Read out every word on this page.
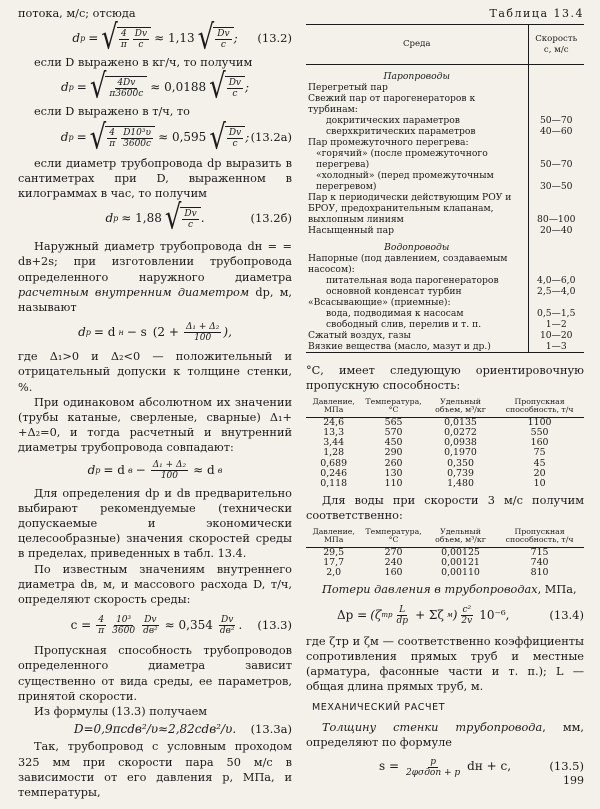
потока, м/с; отсюда
d р = √ $\frac{4}{\pi} \frac{Dv}{c} \approx 1,13$ √ $\frac{Dv}{c}$ ; (13.2)
если D выражено в кг/ч, то получим
d р = √ $\frac{4Dv}{\pi 3600c} \approx 0,0188$ √ $\frac{Dv}{c}$ ;
если D выражено в т/ч, то
d р = √ $\frac{4}{\pi} \frac{\text{D10³υ}}{3600c} \approx 0,595$ √ $\frac{Dv}{c}$ ; (13.2а)
если диаметр трубопровода dр выразить в сантиметрах при D, выраженном в килограммах в час, то получим
d р ≈ 1,88 √ $\frac{Dv}{c}$ .	(13.2б)
Наружный диаметр трубопровода dн = = dв+2s; при изготовлении трубопровода определенного наружного диаметра расчетным внутренним диаметром dр, м, называют
d р = d н − s ($2 + \frac{\text{Δ₁ + Δ₂}}{100}$ ),
где Δ₁>0 и Δ₂<0 — положительный и отрицательный допуски к толщине стенки, %.
При одинаковом абсолютном их значении (трубы катаные, сверленые, сварные) Δ₁+ +Δ₂=0, и тогда расчетный и внутренний диаметры трубопровода совпадают:
d р = d $в - \frac{\text{Δ₁ + Δ₂}}{100} \approx d$ в
Для определения dр и dв предварительно выбирают рекомендуемые (технически допускаемые и экономически целесообразные) значения скоростей среды в пределах, приведенных в табл. 13.4.
По известным значениям внутреннего диаметра dв, м, и массового расхода D, т/ч, определяют скорость среды:
$c = \frac{4}{\pi} \frac{\text{10³}}{3600} \frac{Dv}{\text{dв²}} \approx 0,354 \frac{Dv}{\text{dв²}}$ . (13.3)
Пропускная способность трубопроводов определенного диаметра зависит существенно от вида среды, ее параметров, принятой скорости.
Из формулы (13.3) получаем
D=0,9πcdв²/υ≈2,82cdв²/υ. (13.3а)
Так, трубопровод с условным проходом 325 мм при скорости пара 50 м/с в зависимости от его давления p, МПа, и температуры,
Таблица 13.4
Среда	Скорость c, м/с
Паропроводы	
Перегретый пар	
Свежий пар от парогенераторов к турбинам:	
докритических параметров	50—70
сверхкритических параметров	40—60
Пар промежуточного перегрева:	
«горячий» (после промежуточного перегрева)	50—70
«холодный» (перед промежуточным перегревом)	30—50
Пар к периодически действующим РОУ и БРОУ, предохранительным клапанам, выхлопным линиям	80—100
Насыщенный пар	20—40
Водопроводы	
Напорные (под давлением, создаваемым насосом):	
питательная вода парогенераторов	4,0—6,0
основной конденсат турбин	2,5—4,0
«Всасывающие» (приемные):	
вода, подводимая к насосам	0,5—1,5
свободный слив, перелив и т. п.	1—2
Сжатый воздух, газы	10—20
Вязкие вещества (масло, мазут и др.)	1—3
°С, имеет следующую ориентировочную пропускную способность:
Давление, МПа	Температура, °С	Удельный объем, м³/кг	Пропускная способность, т/ч
24,6	565	0,0135	1100
13,3	570	0,0272	550
3,44	450	0,0938	160
1,28	290	0,1970	75
0,689	260	0,350	45
0,246	130	0,739	20
0,118	110	1,480	10
Для воды при скорости 3 м/с получим соответственно:
Давление, МПа	Температура, °С	Удельный объем, м³/кг	Пропускная способность, т/ч
29,5	270	0,00125	715
17,7	240	0,00121	740
2,0	160	0,00110	810
Потери давления в трубопроводах, МПа,
Δp = (ζ тр $\frac{L}{dр} + \Sigma\zeta$ м ) $\frac{\text{c²}}{2v} 10^{-6}$,	(13.4)
где ζтр и ζм — соответственно коэффициенты сопротивления прямых труб и местные (арматура, фасонные части и т. п.); L — общая длина прямых труб, м.
МЕХАНИЧЕСКИЙ РАСЧЕТ
Толщину стенки трубопровода, мм, определяют по формуле
$s = \frac{p}{\text{2φσдоп + p}}$ dн + c,	(13.5)
199
